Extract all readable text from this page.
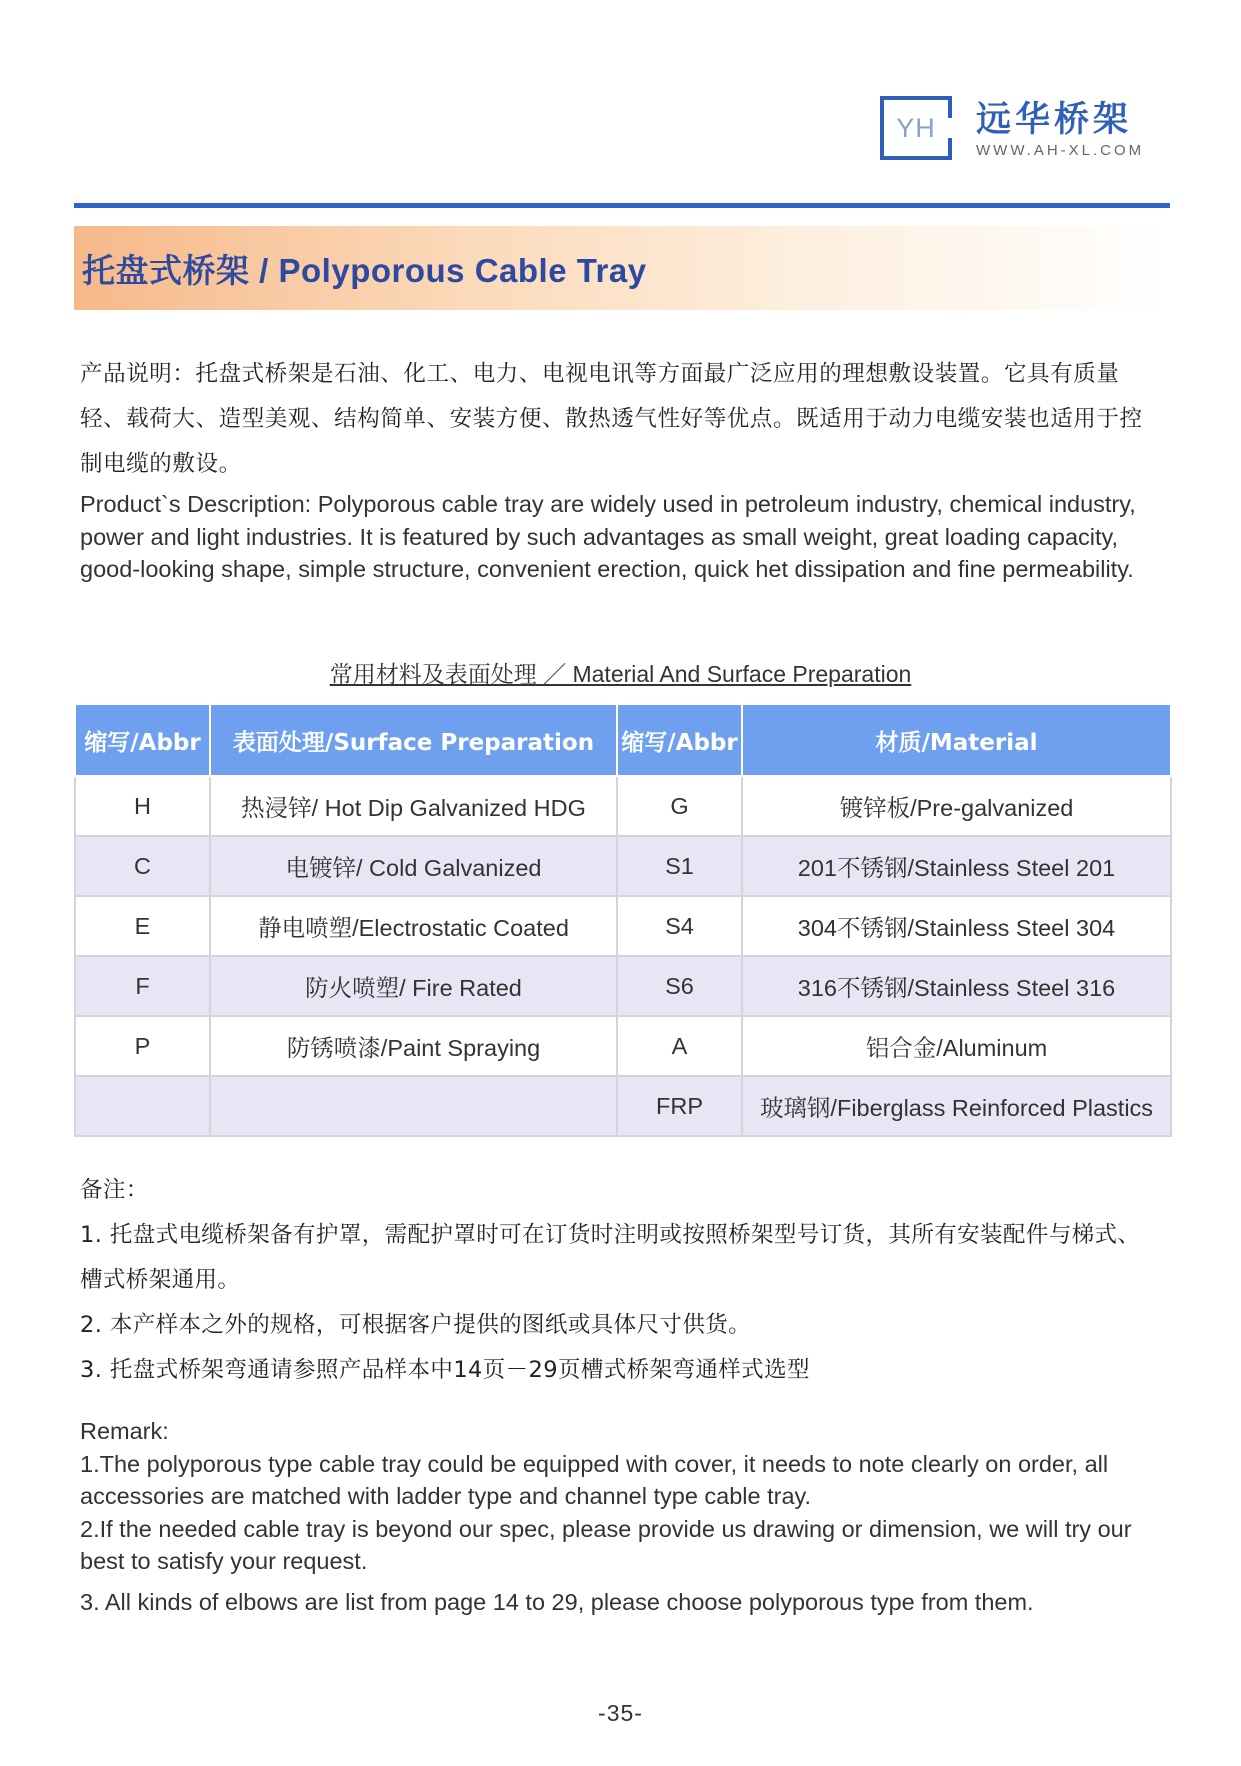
YH	远华桥架
WWW.AH-XL.COM
托盘式桥架 / Polyporous Cable Tray
产品说明：托盘式桥架是石油、化工、电力、电视电讯等方面最广泛应用的理想敷设装置。它具有质量轻、载荷大、造型美观、结构简单、安装方便、散热透气性好等优点。既适用于动力电缆安装也适用于控制电缆的敷设。
Product`s Description: Polyporous cable tray are widely used in petroleum industry, chemical industry, power and light industries. It is featured by such advantages as small weight, great loading capacity, good-looking shape, simple structure, convenient erection, quick het dissipation and fine permeability.
常用材料及表面处理 ／ Material And Surface Preparation
缩写/Abbr	表面处理/Surface Preparation	缩写/Abbr	材质/Material
H	热浸锌/ Hot Dip Galvanized HDG	G	镀锌板/Pre-galvanized
C	电镀锌/ Cold Galvanized	S1	201不锈钢/Stainless Steel 201
E	静电喷塑/Electrostatic Coated	S4	304不锈钢/Stainless Steel 304
F	防火喷塑/ Fire Rated	S6	316不锈钢/Stainless Steel 316
P	防锈喷漆/Paint Spraying	A	铝合金/Aluminum
		FRP	玻璃钢/Fiberglass Reinforced Plastics

备注：

1. 托盘式电缆桥架备有护罩，需配护罩时可在订货时注明或按照桥架型号订货，其所有安装配件与梯式、槽式桥架通用。

2. 本产样本之外的规格，可根据客户提供的图纸或具体尺寸供货。

3. 托盘式桥架弯通请参照产品样本中14页－29页槽式桥架弯通样式选型

Remark:

1.The polyporous type cable tray could be equipped with cover, it needs to note clearly on order, all accessories are matched with ladder type and channel type cable tray.

2.If the needed cable tray is beyond our spec, please provide us drawing or dimension, we will try our best to satisfy your request.

3. All kinds of elbows are list from page 14 to 29, please choose polyporous type from them.

-35-
